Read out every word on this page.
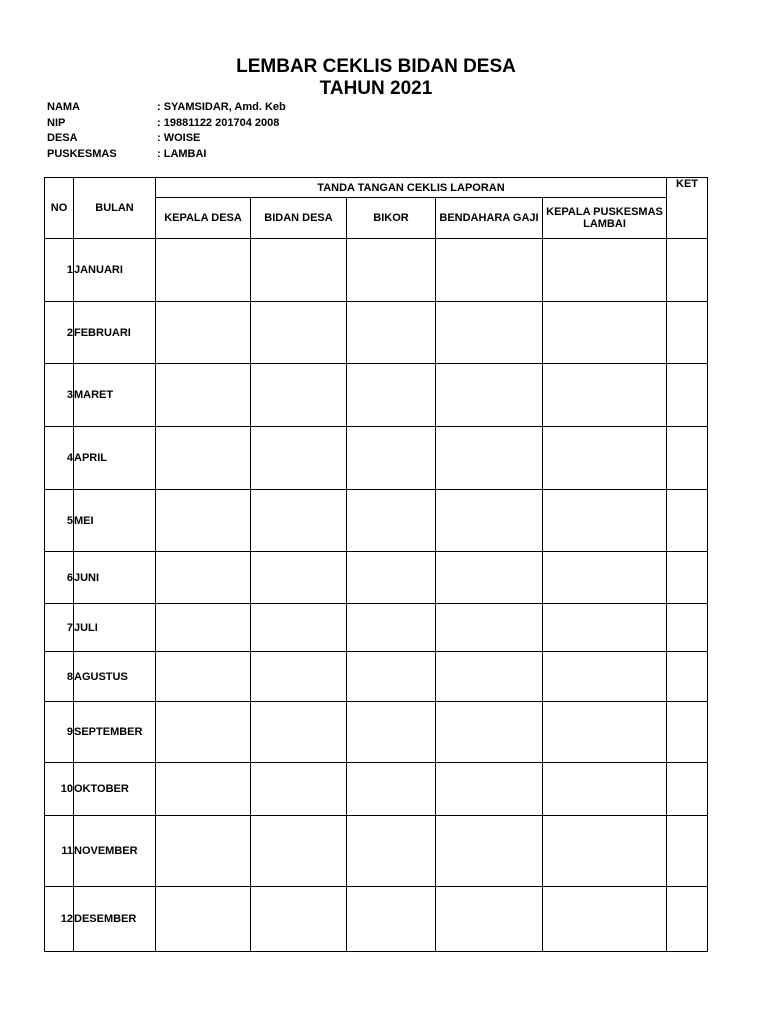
LEMBAR CEKLIS BIDAN DESA
TAHUN 2021
NAMA	: SYAMSIDAR, Amd. Keb
NIP	: 19881122 201704 2008
DESA	: WOISE
PUSKESMAS	: LAMBAI
NO	BULAN	TANDA TANGAN CEKLIS LAPORAN					KET
		KEPALA DESA	BIDAN DESA	BIKOR	BENDAHARA GAJI	KEPALA PUSKESMAS LAMBAI	
1	JANUARI						
2	FEBRUARI						
3	MARET						
4	APRIL						
5	MEI						
6	JUNI						
7	JULI						
8	AGUSTUS						
9	SEPTEMBER						
10	OKTOBER						
11	NOVEMBER						
12	DESEMBER						
